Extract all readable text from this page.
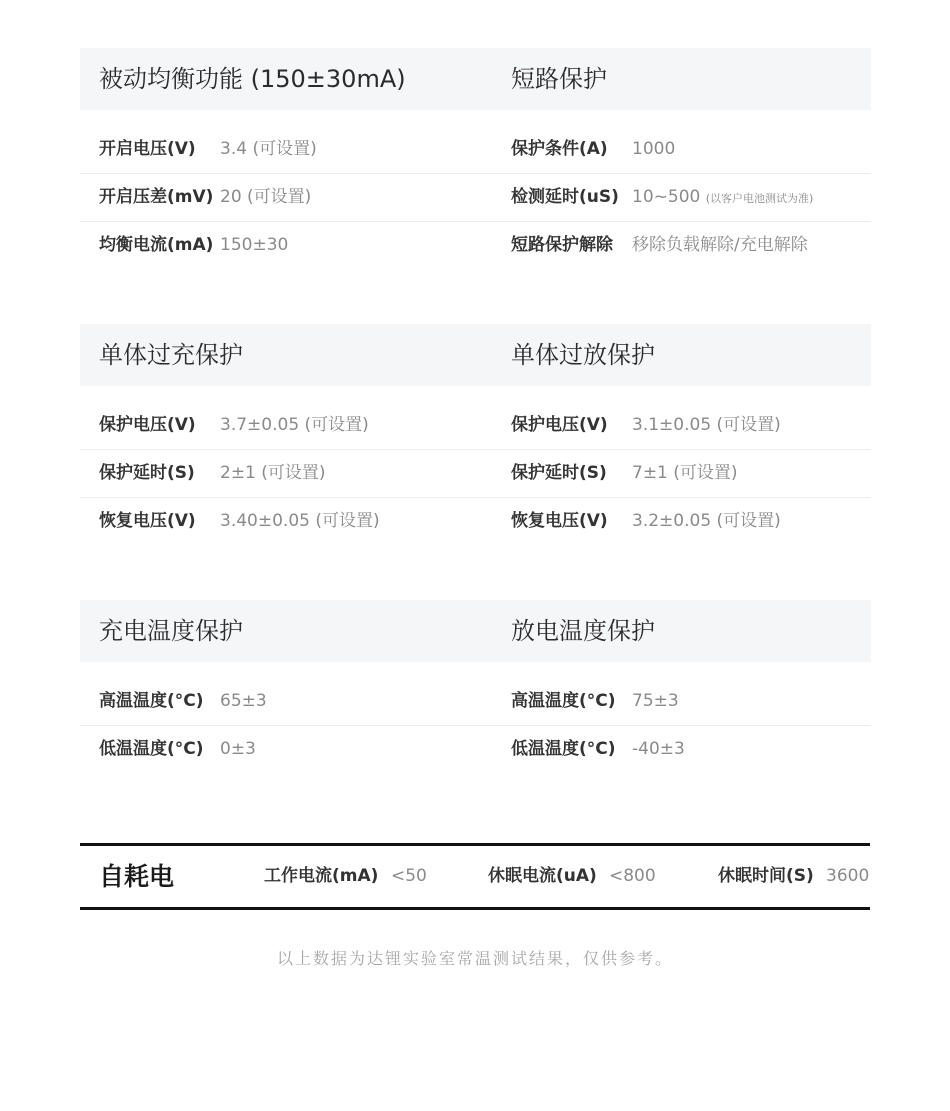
被动均衡功能 (150±30mA)	短路保护
开启电压(V) 3.4 (可设置)	保护条件(A) 1000
开启压差(mV) 20 (可设置)	检测延时(uS) 10~500 (以客户电池测试为准)
均衡电流(mA) 150±30	短路保护解除 移除负载解除/充电解除
单体过充保护	单体过放保护
保护电压(V) 3.7±0.05 (可设置)	保护电压(V) 3.1±0.05 (可设置)
保护延时(S) 2±1 (可设置)	保护延时(S) 7±1 (可设置)
恢复电压(V) 3.40±0.05 (可设置)	恢复电压(V) 3.2±0.05 (可设置)
充电温度保护	放电温度保护
高温温度(°C) 65±3	高温温度(°C) 75±3
低温温度(°C) 0±3	低温温度(°C) -40±3
自耗电	工作电流(mA) <50	休眠电流(uA) <800	休眠时间(S) 3600
以上数据为达锂实验室常温测试结果，仅供参考。
